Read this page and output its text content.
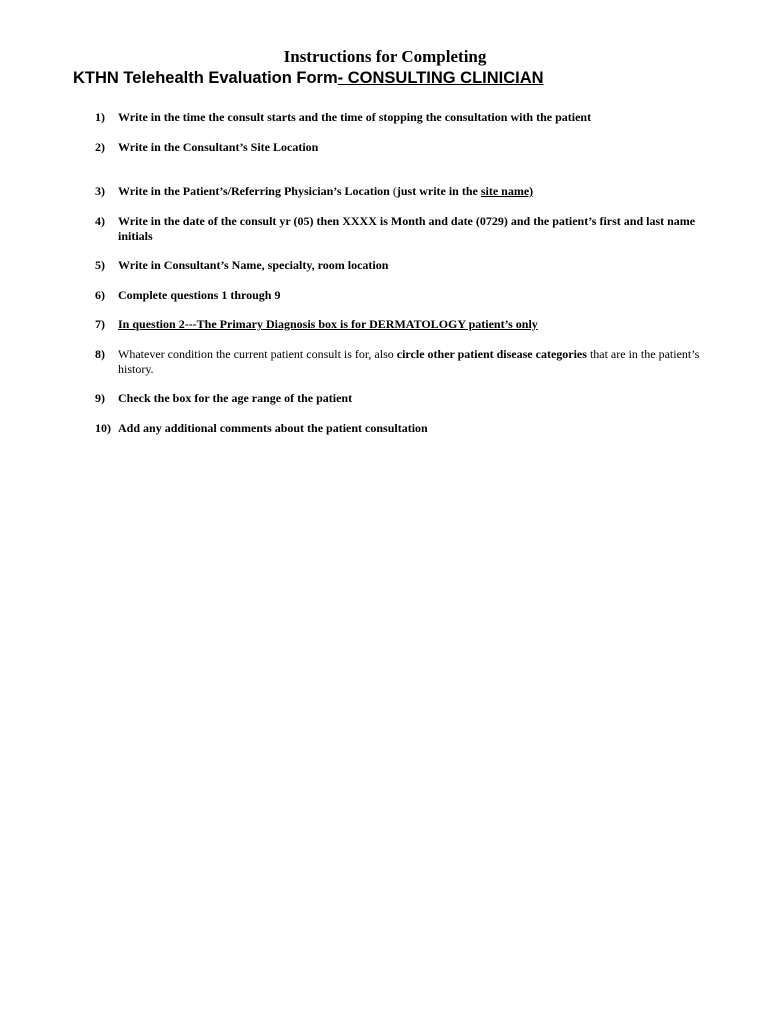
Instructions for Completing
KTHN Telehealth Evaluation Form- CONSULTING CLINICIAN
1)	Write in the time the consult starts and the time of stopping the consultation with the patient
2)	Write in the Consultant’s Site Location
3)	Write in the Patient’s/Referring Physician’s Location (just write in the site name)
4)	Write in the date of the consult yr (05) then XXXX is Month and date (0729) and the patient’s first and last name initials
5)	Write in Consultant’s Name, specialty, room location
6)	Complete questions 1 through 9
7)	In question 2---The Primary Diagnosis box is for DERMATOLOGY patient’s only
8)	Whatever condition the current patient consult is for, also circle other patient disease categories that are in the patient’s history.
9)	Check the box for the age range of the patient
10) Add any additional comments about the patient consultation
